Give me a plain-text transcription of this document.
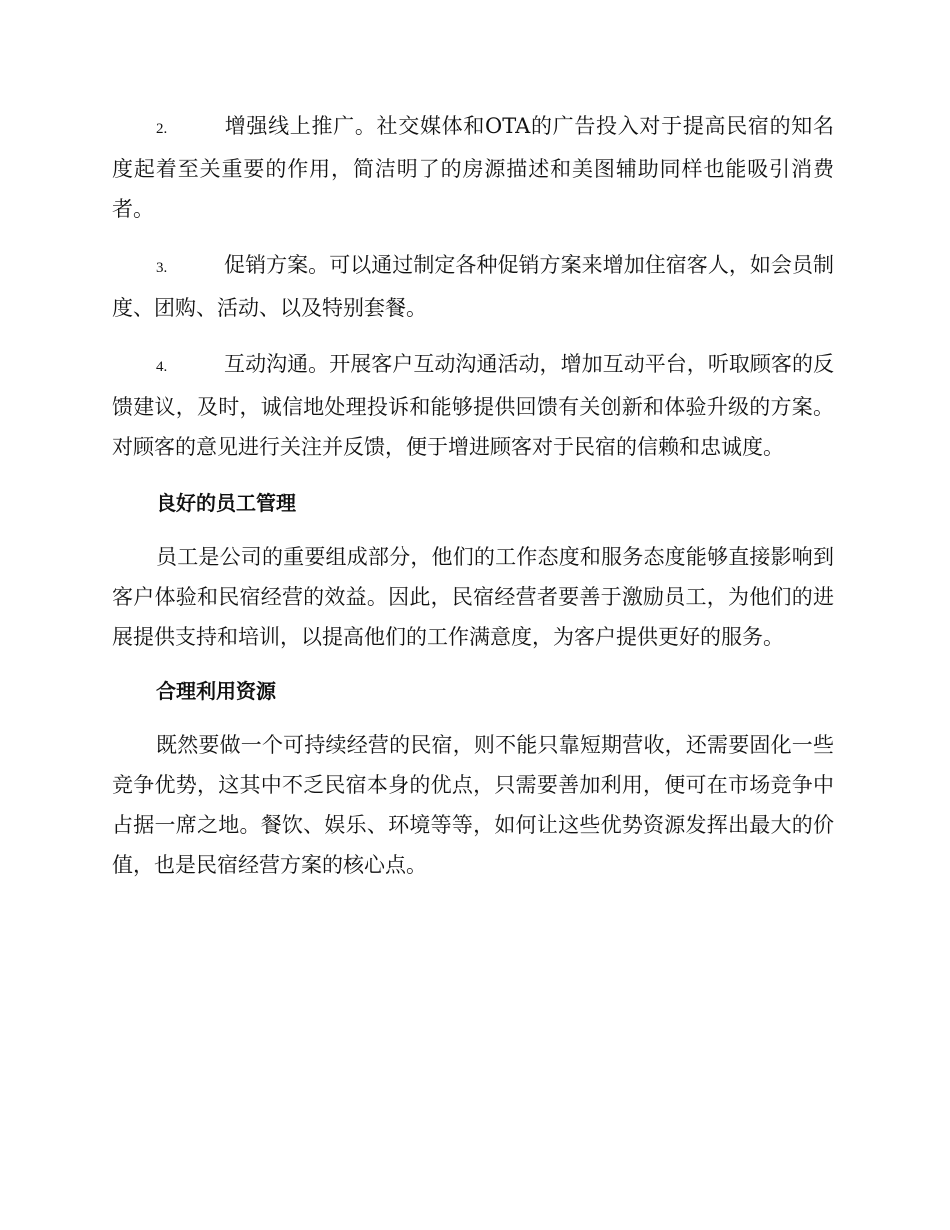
2.	增强线上推广。社交媒体和OTA的广告投入对于提高民宿的知名度起着至关重要的作用，简洁明了的房源描述和美图辅助同样也能吸引消费者。

3.	促销方案。可以通过制定各种促销方案来增加住宿客人，如会员制度、团购、活动、以及特别套餐。

4.	互动沟通。开展客户互动沟通活动，增加互动平台，听取顾客的反馈建议，及时，诚信地处理投诉和能够提供回馈有关创新和体验升级的方案。对顾客的意见进行关注并反馈，便于增进顾客对于民宿的信赖和忠诚度。

良好的员工管理

员工是公司的重要组成部分，他们的工作态度和服务态度能够直接影响到客户体验和民宿经营的效益。因此，民宿经营者要善于激励员工，为他们的进展提供支持和培训，以提高他们的工作满意度，为客户提供更好的服务。

合理利用资源

既然要做一个可持续经营的民宿，则不能只靠短期营收，还需要固化一些竞争优势，这其中不乏民宿本身的优点，只需要善加利用，便可在市场竞争中占据一席之地。餐饮、娱乐、环境等等，如何让这些优势资源发挥出最大的价值，也是民宿经营方案的核心点。
